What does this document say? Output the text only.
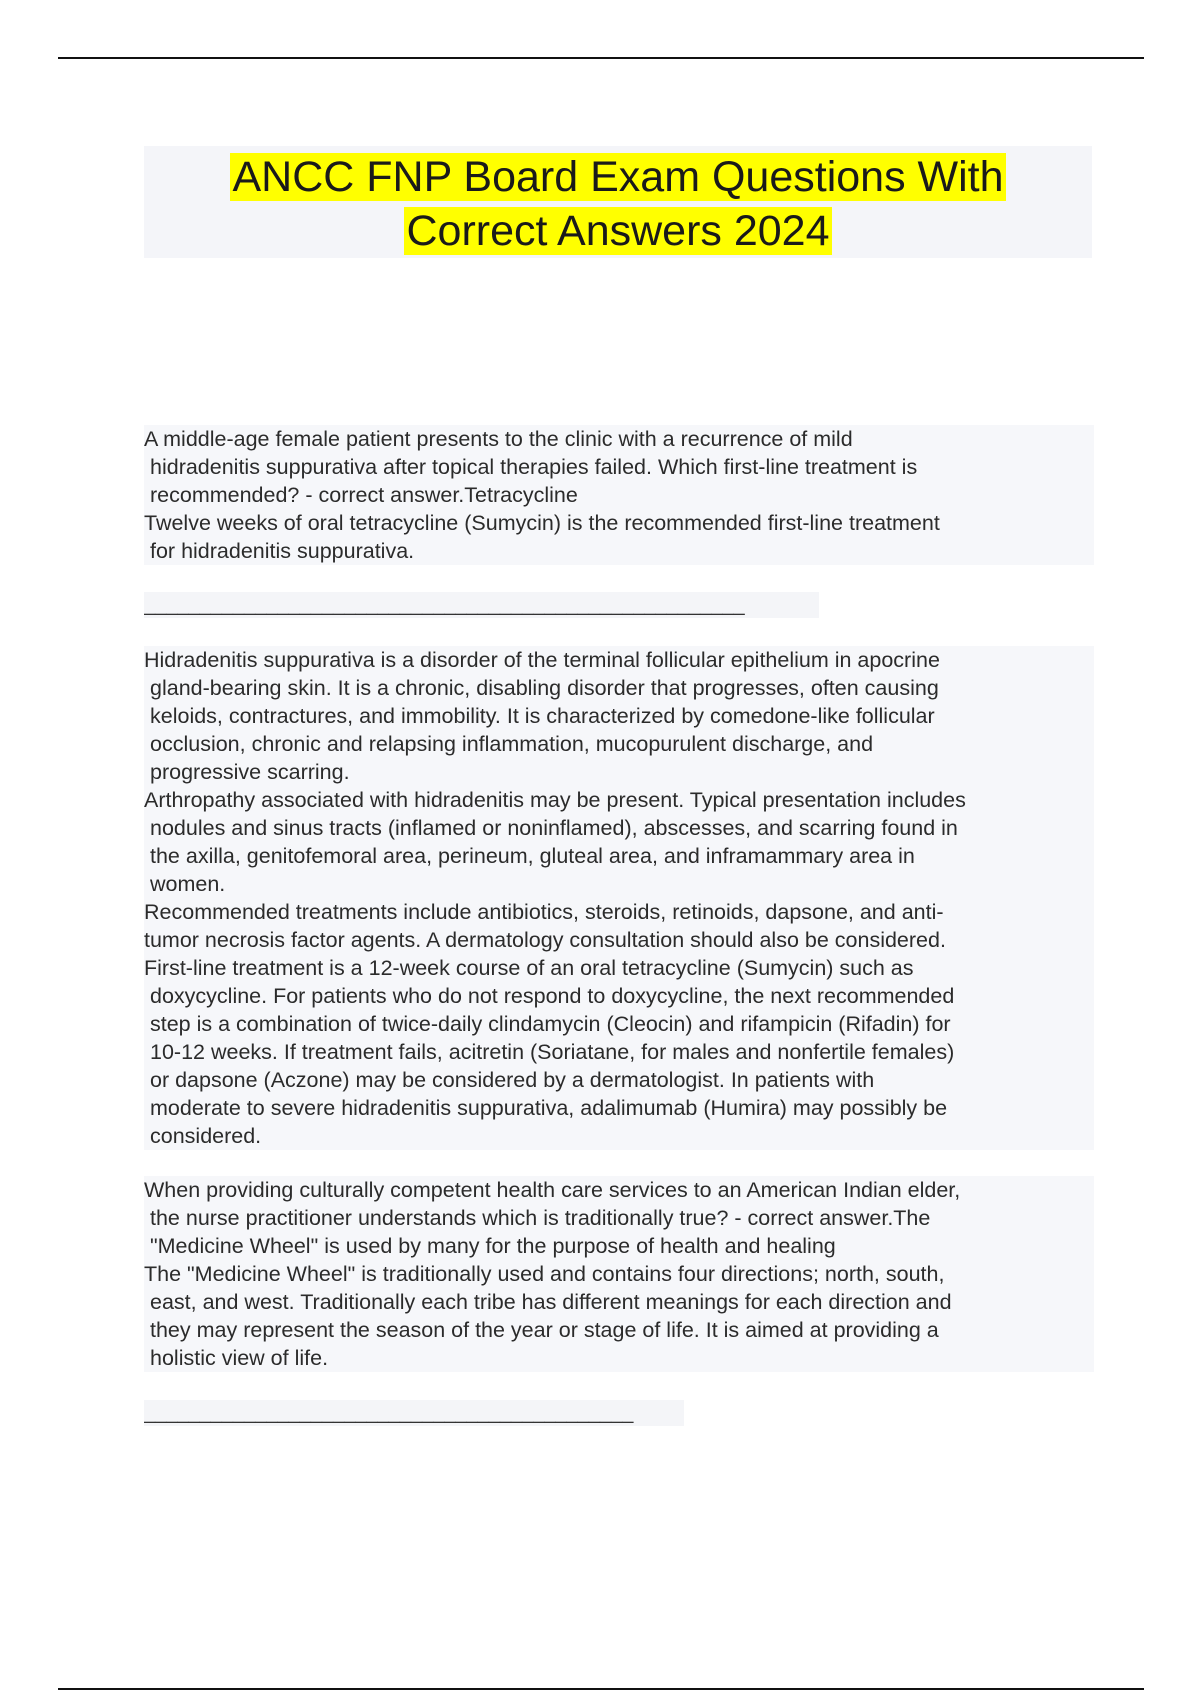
ANCC FNP Board Exam Questions With
Correct Answers 2024

A middle-age female patient presents to the clinic with a recurrence of mild

hidradenitis suppurativa after topical therapies failed. Which first-line treatment is
recommended? - correct answer.Tetracycline
Twelve weeks of oral tetracycline (Sumycin) is the recommended first-line treatment

for hidradenitis suppurativa.

______________________________________________________

Hidradenitis suppurativa is a disorder of the terminal follicular epithelium in apocrine

gland-bearing skin. It is a chronic, disabling disorder that progresses, often causing
keloids, contractures, and immobility. It is characterized by comedone-like follicular
occlusion, chronic and relapsing inflammation, mucopurulent discharge, and
progressive scarring.
Arthropathy associated with hidradenitis may be present. Typical presentation includes

nodules and sinus tracts (inflamed or noninflamed), abscesses, and scarring found in
the axilla, genitofemoral area, perineum, gluteal area, and inframammary area in
women.
Recommended treatments include antibiotics, steroids, retinoids, dapsone, and anti-
tumor necrosis factor agents. A dermatology consultation should also be considered.
First-line treatment is a 12-week course of an oral tetracycline (Sumycin) such as

doxycycline. For patients who do not respond to doxycycline, the next recommended
step is a combination of twice-daily clindamycin (Cleocin) and rifampicin (Rifadin) for
10-12 weeks. If treatment fails, acitretin (Soriatane, for males and nonfertile females)
or dapsone (Aczone) may be considered by a dermatologist. In patients with
moderate to severe hidradenitis suppurativa, adalimumab (Humira) may possibly be
considered.

When providing culturally competent health care services to an American Indian elder,

the nurse practitioner understands which is traditionally true? - correct answer.The
"Medicine Wheel" is used by many for the purpose of health and healing
The "Medicine Wheel" is traditionally used and contains four directions; north, south,

east, and west. Traditionally each tribe has different meanings for each direction and
they may represent the season of the year or stage of life. It is aimed at providing a
holistic view of life.

____________________________________________
